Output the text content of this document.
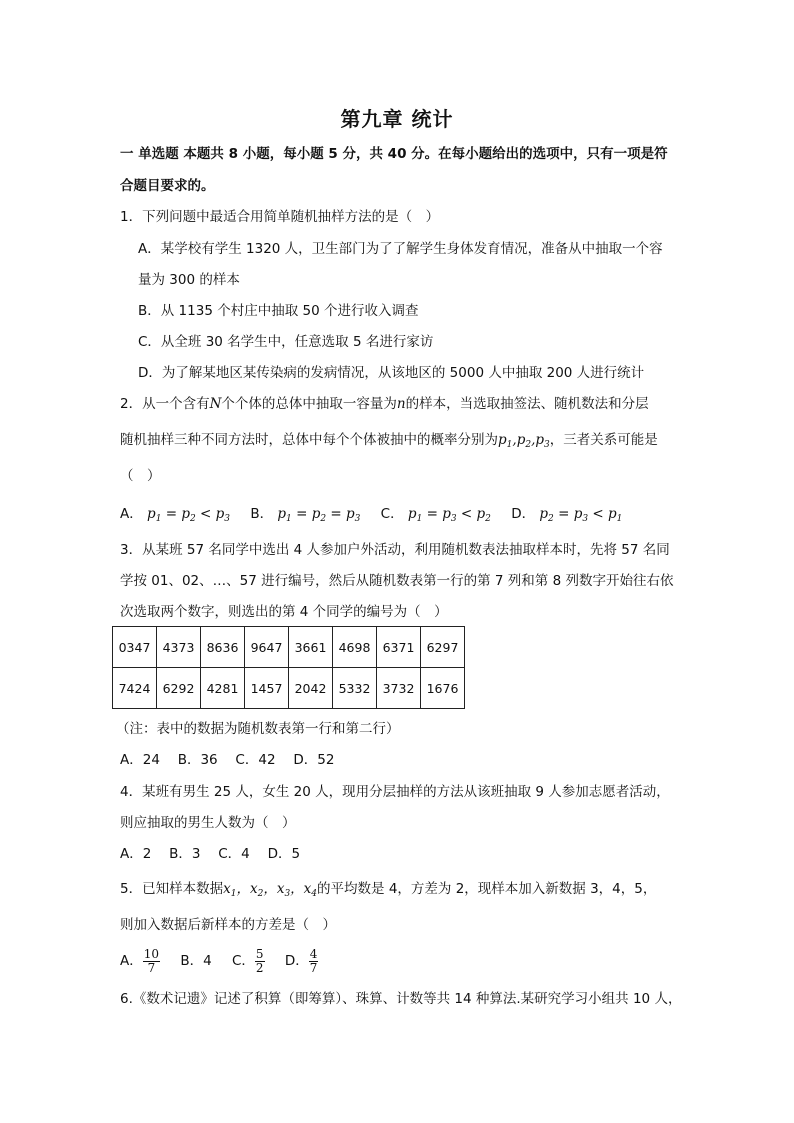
第九章 统计
一 单选题 本题共 8 小题，每小题 5 分，共 40 分。在每小题给出的选项中，只有一项是符
合题目要求的。
1．下列问题中最适合用简单随机抽样方法的是（　）
A．某学校有学生 1320 人，卫生部门为了了解学生身体发育情况，准备从中抽取一个容
量为 300 的样本
B．从 1135 个村庄中抽取 50 个进行收入调查
C．从全班 30 名学生中，任意选取 5 名进行家访
D．为了解某地区某传染病的发病情况，从该地区的 5000 人中抽取 200 人进行统计
2．从一个含有N个个体的总体中抽取一容量为n的样本，当选取抽签法、随机数法和分层
随机抽样三种不同方法时，总体中每个个体被抽中的概率分别为$p_1,p_2,p_3$，三者关系可能是
（　）
A． $p_1 = p_2 < p_3$ B． $p_1 = p_2 = p_3$ C． $p_1 = p_3 < p_2$ D． $p_2 = p_3 < p_1$
3．从某班 57 名同学中选出 4 人参加户外活动，利用随机数表法抽取样本时，先将 57 名同
学按 01、02、…、57 进行编号，然后从随机数表第一行的第 7 列和第 8 列数字开始往右依
次选取两个数字，则选出的第 4 个同学的编号为（　）
0347	4373	8636	9647	3661	4698	6371	6297
7424	6292	4281	1457	2042	5332	3732	1676
（注：表中的数据为随机数表第一行和第二行）
A．24　 B．36　 C．42　 D．52
4．某班有男生 25 人，女生 20 人，现用分层抽样的方法从该班抽取 9 人参加志愿者活动，
则应抽取的男生人数为（　）
A．2　 B．3　 C．4　 D．5
5．已知样本数据$x_1$，$x_2$，$x_3$，$x_4$的平均数是 4，方差为 2，现样本加入新数据 3，4，5，
则加入数据后新样本的方差是（　）
A． $\frac{10}{7}$ B．4 C． $\frac{5}{2}$ D． $\frac{4}{7}$
6.《数术记遗》记述了积算（即筹算）、珠算、计数等共 14 种算法.某研究学习小组共 10 人，
